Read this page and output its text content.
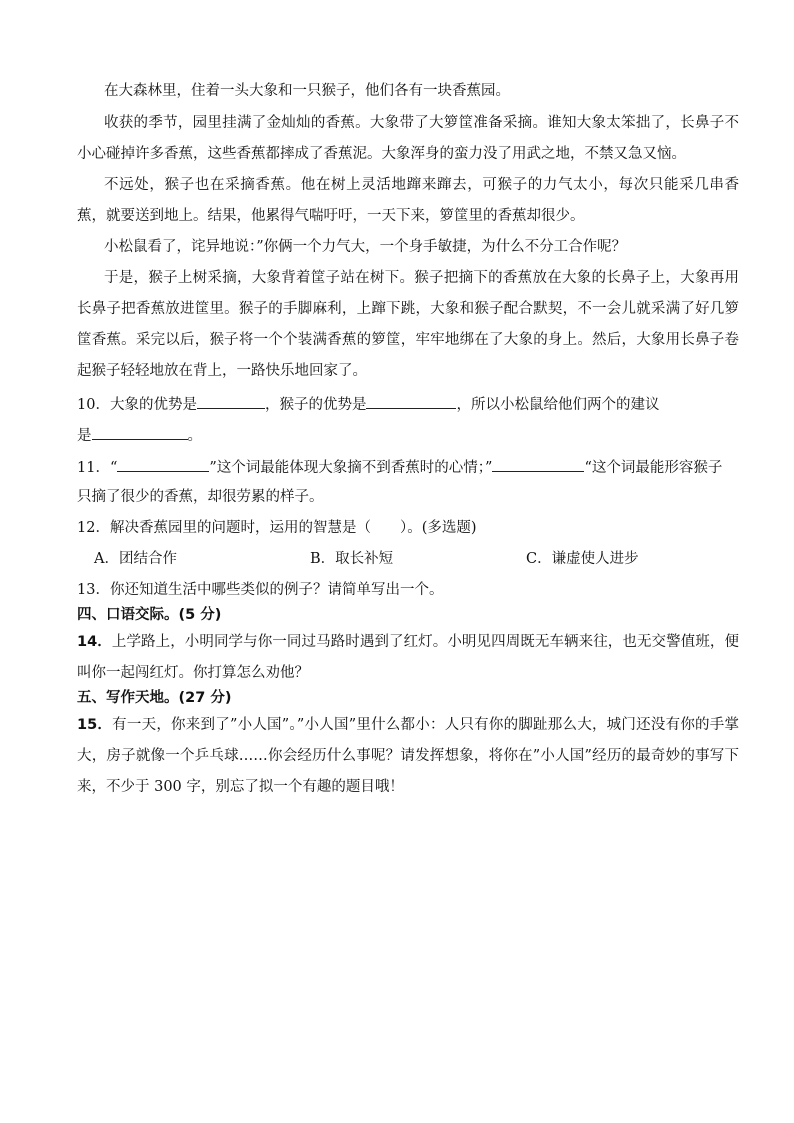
在大森林里，住着一头大象和一只猴子，他们各有一块香蕉园。
收获的季节，园里挂满了金灿灿的香蕉。大象带了大箩筐准备采摘。谁知大象太笨拙了，长鼻子不
小心碰掉许多香蕉，这些香蕉都摔成了香蕉泥。大象浑身的蛮力没了用武之地，不禁又急又恼。
不远处，猴子也在采摘香蕉。他在树上灵活地蹿来蹿去，可猴子的力气太小，每次只能采几串香
蕉，就要送到地上。结果，他累得气喘吁吁，一天下来，箩筐里的香蕉却很少。
小松鼠看了，诧异地说：”你俩一个力气大，一个身手敏捷，为什么不分工合作呢？
于是，猴子上树采摘，大象背着筐子站在树下。猴子把摘下的香蕉放在大象的长鼻子上，大象再用
长鼻子把香蕉放进筐里。猴子的手脚麻利，上蹿下跳，大象和猴子配合默契，不一会儿就采满了好几箩
筐香蕉。采完以后，猴子将一个个装满香蕉的箩筐，牢牢地绑在了大象的身上。然后，大象用长鼻子卷
起猴子轻轻地放在背上，一路快乐地回家了。
10．大象的优势是	，猴子的优势是	，所以小松鼠给他们两个的建议
是	。
11．“	”这个词最能体现大象摘不到香蕉时的心情；”	“这个词最能形容猴子
只摘了很少的香蕉，却很劳累的样子。
12．解决香蕉园里的问题时，运用的智慧是（　　）。(多选题)
A．团结合作	B．取长补短	C．谦虚使人进步
13．你还知道生活中哪些类似的例子？请简单写出一个。
四、口语交际。(5 分)
14．上学路上，小明同学与你一同过马路时遇到了红灯。小明见四周既无车辆来往，也无交警值班，便
叫你一起闯红灯。你打算怎么劝他？
五、写作天地。(27 分)
15．有一天，你来到了”小人国”。”小人国”里什么都小：人只有你的脚趾那么大，城门还没有你的手掌
大，房子就像一个乒乓球……你会经历什么事呢？请发挥想象，将你在”小人国”经历的最奇妙的事写下
来，不少于 300 字，别忘了拟一个有趣的题目哦！
